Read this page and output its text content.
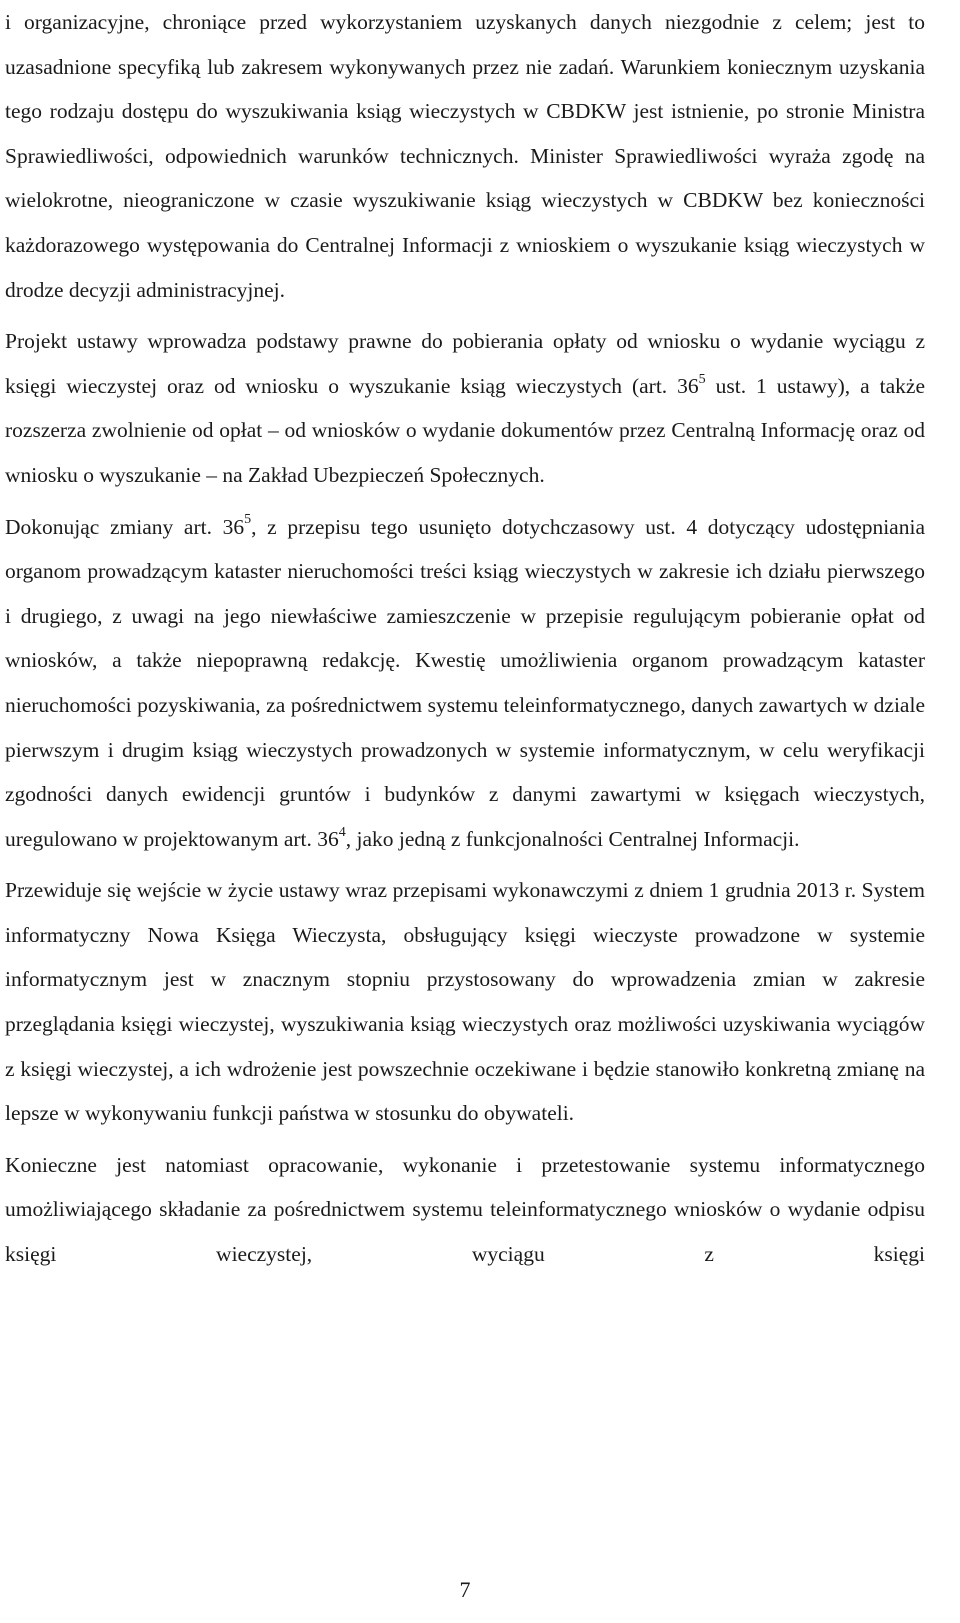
i organizacyjne, chroniące przed wykorzystaniem uzyskanych danych niezgodnie z celem; jest to uzasadnione specyfiką lub zakresem wykonywanych przez nie zadań. Warunkiem koniecznym uzyskania tego rodzaju dostępu do wyszukiwania ksiąg wieczystych w CBDKW jest istnienie, po stronie Ministra Sprawiedliwości, odpowiednich warunków technicznych. Minister Sprawiedliwości wyraża zgodę na wielokrotne, nieograniczone w czasie wyszukiwanie ksiąg wieczystych w CBDKW bez konieczności każdorazowego występowania do Centralnej Informacji z wnioskiem o wyszukanie ksiąg wieczystych w drodze decyzji administracyjnej.

Projekt ustawy wprowadza podstawy prawne do pobierania opłaty od wniosku o wydanie wyciągu z księgi wieczystej oraz od wniosku o wyszukanie ksiąg wieczystych (art. $36^5$ ust. 1 ustawy), a także rozszerza zwolnienie od opłat – od wniosków o wydanie dokumentów przez Centralną Informację oraz od wniosku o wyszukanie – na Zakład Ubezpieczeń Społecznych.

Dokonując zmiany art. $36^5$, z przepisu tego usunięto dotychczasowy ust. 4 dotyczący udostępniania organom prowadzącym kataster nieruchomości treści ksiąg wieczystych w zakresie ich działu pierwszego i drugiego, z uwagi na jego niewłaściwe zamieszczenie w przepisie regulującym pobieranie opłat od wniosków, a także niepoprawną redakcję. Kwestię umożliwienia organom prowadzącym kataster nieruchomości pozyskiwania, za pośrednictwem systemu teleinformatycznego, danych zawartych w dziale pierwszym i drugim ksiąg wieczystych prowadzonych w systemie informatycznym, w celu weryfikacji zgodności danych ewidencji gruntów i budynków z danymi zawartymi w księgach wieczystych, uregulowano w projektowanym art. $36^4$, jako jedną z funkcjonalności Centralnej Informacji.

Przewiduje się wejście w życie ustawy wraz przepisami wykonawczymi z dniem 1 grudnia 2013 r. System informatyczny Nowa Księga Wieczysta, obsługujący księgi wieczyste prowadzone w systemie informatycznym jest w znacznym stopniu przystosowany do wprowadzenia zmian w zakresie przeglądania księgi wieczystej, wyszukiwania ksiąg wieczystych oraz możliwości uzyskiwania wyciągów z księgi wieczystej, a ich wdrożenie jest powszechnie oczekiwane i będzie stanowiło konkretną zmianę na lepsze w wykonywaniu funkcji państwa w stosunku do obywateli.

Konieczne jest natomiast opracowanie, wykonanie i przetestowanie systemu informatycznego umożliwiającego składanie za pośrednictwem systemu teleinformatycznego wniosków o wydanie odpisu księgi wieczystej, wyciągu z księgi

7
